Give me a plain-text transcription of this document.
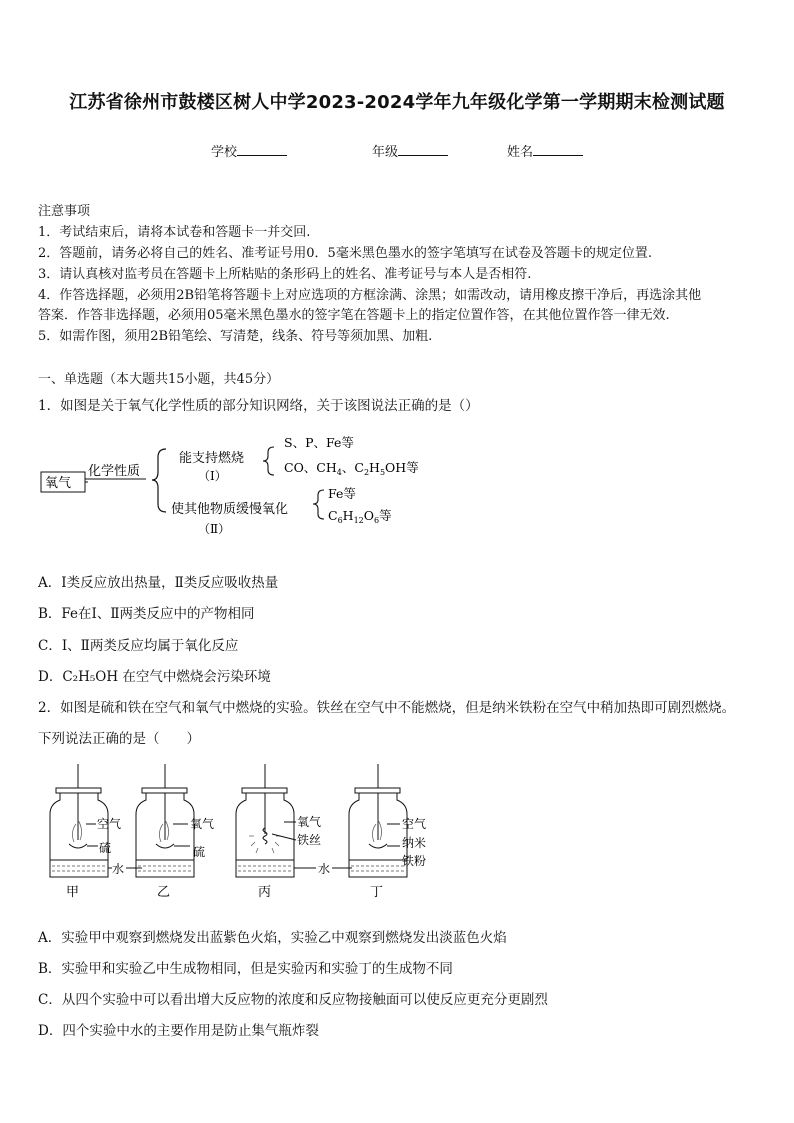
江苏省徐州市鼓楼区树人中学2023-2024学年九年级化学第一学期期末检测试题
学校	年级	姓名
注意事项
1．考试结束后，请将本试卷和答题卡一并交回.
2．答题前，请务必将自己的姓名、准考证号用0．5毫米黑色墨水的签字笔填写在试卷及答题卡的规定位置.
3．请认真核对监考员在答题卡上所粘贴的条形码上的姓名、准考证号与本人是否相符.
4．作答选择题，必须用2B铅笔将答题卡上对应选项的方框涂满、涂黑；如需改动，请用橡皮擦干净后，再选涂其他
答案．作答非选择题，必须用05毫米黑色墨水的签字笔在答题卡上的指定位置作答，在其他位置作答一律无效.
5．如需作图，须用2B铅笔绘、写清楚，线条、符号等须加黑、加粗.
一、单选题（本大题共15小题，共45分）
1．如图是关于氧气化学性质的部分知识网络，关于该图说法正确的是（）
氧气
化学性质
能支持燃烧
（Ⅰ）
S、P、Fe等
CO、$CH_4$、$C_2H_5OH$等
使其他物质缓慢氧化
（Ⅱ）
Fe等
$C_6H_{12}O_6$等
A．Ⅰ类反应放出热量，Ⅱ类反应吸收热量
B．Fe在Ⅰ、Ⅱ两类反应中的产物相同
C．Ⅰ、Ⅱ两类反应均属于氧化反应
D．C₂H₅OH 在空气中燃烧会污染环境
2．如图是硫和铁在空气和氧气中燃烧的实验。铁丝在空气中不能燃烧，但是纳米铁粉在空气中稍加热即可剧烈燃烧。
下列说法正确的是（　　）
空气
硫
甲
水
氧气
硫
乙
氧气
铁丝
丙
水
空气
纳米
铁粉
丁
A．实验甲中观察到燃烧发出蓝紫色火焰，实验乙中观察到燃烧发出淡蓝色火焰
B．实验甲和实验乙中生成物相同，但是实验丙和实验丁的生成物不同
C．从四个实验中可以看出增大反应物的浓度和反应物接触面可以使反应更充分更剧烈
D．四个实验中水的主要作用是防止集气瓶炸裂
